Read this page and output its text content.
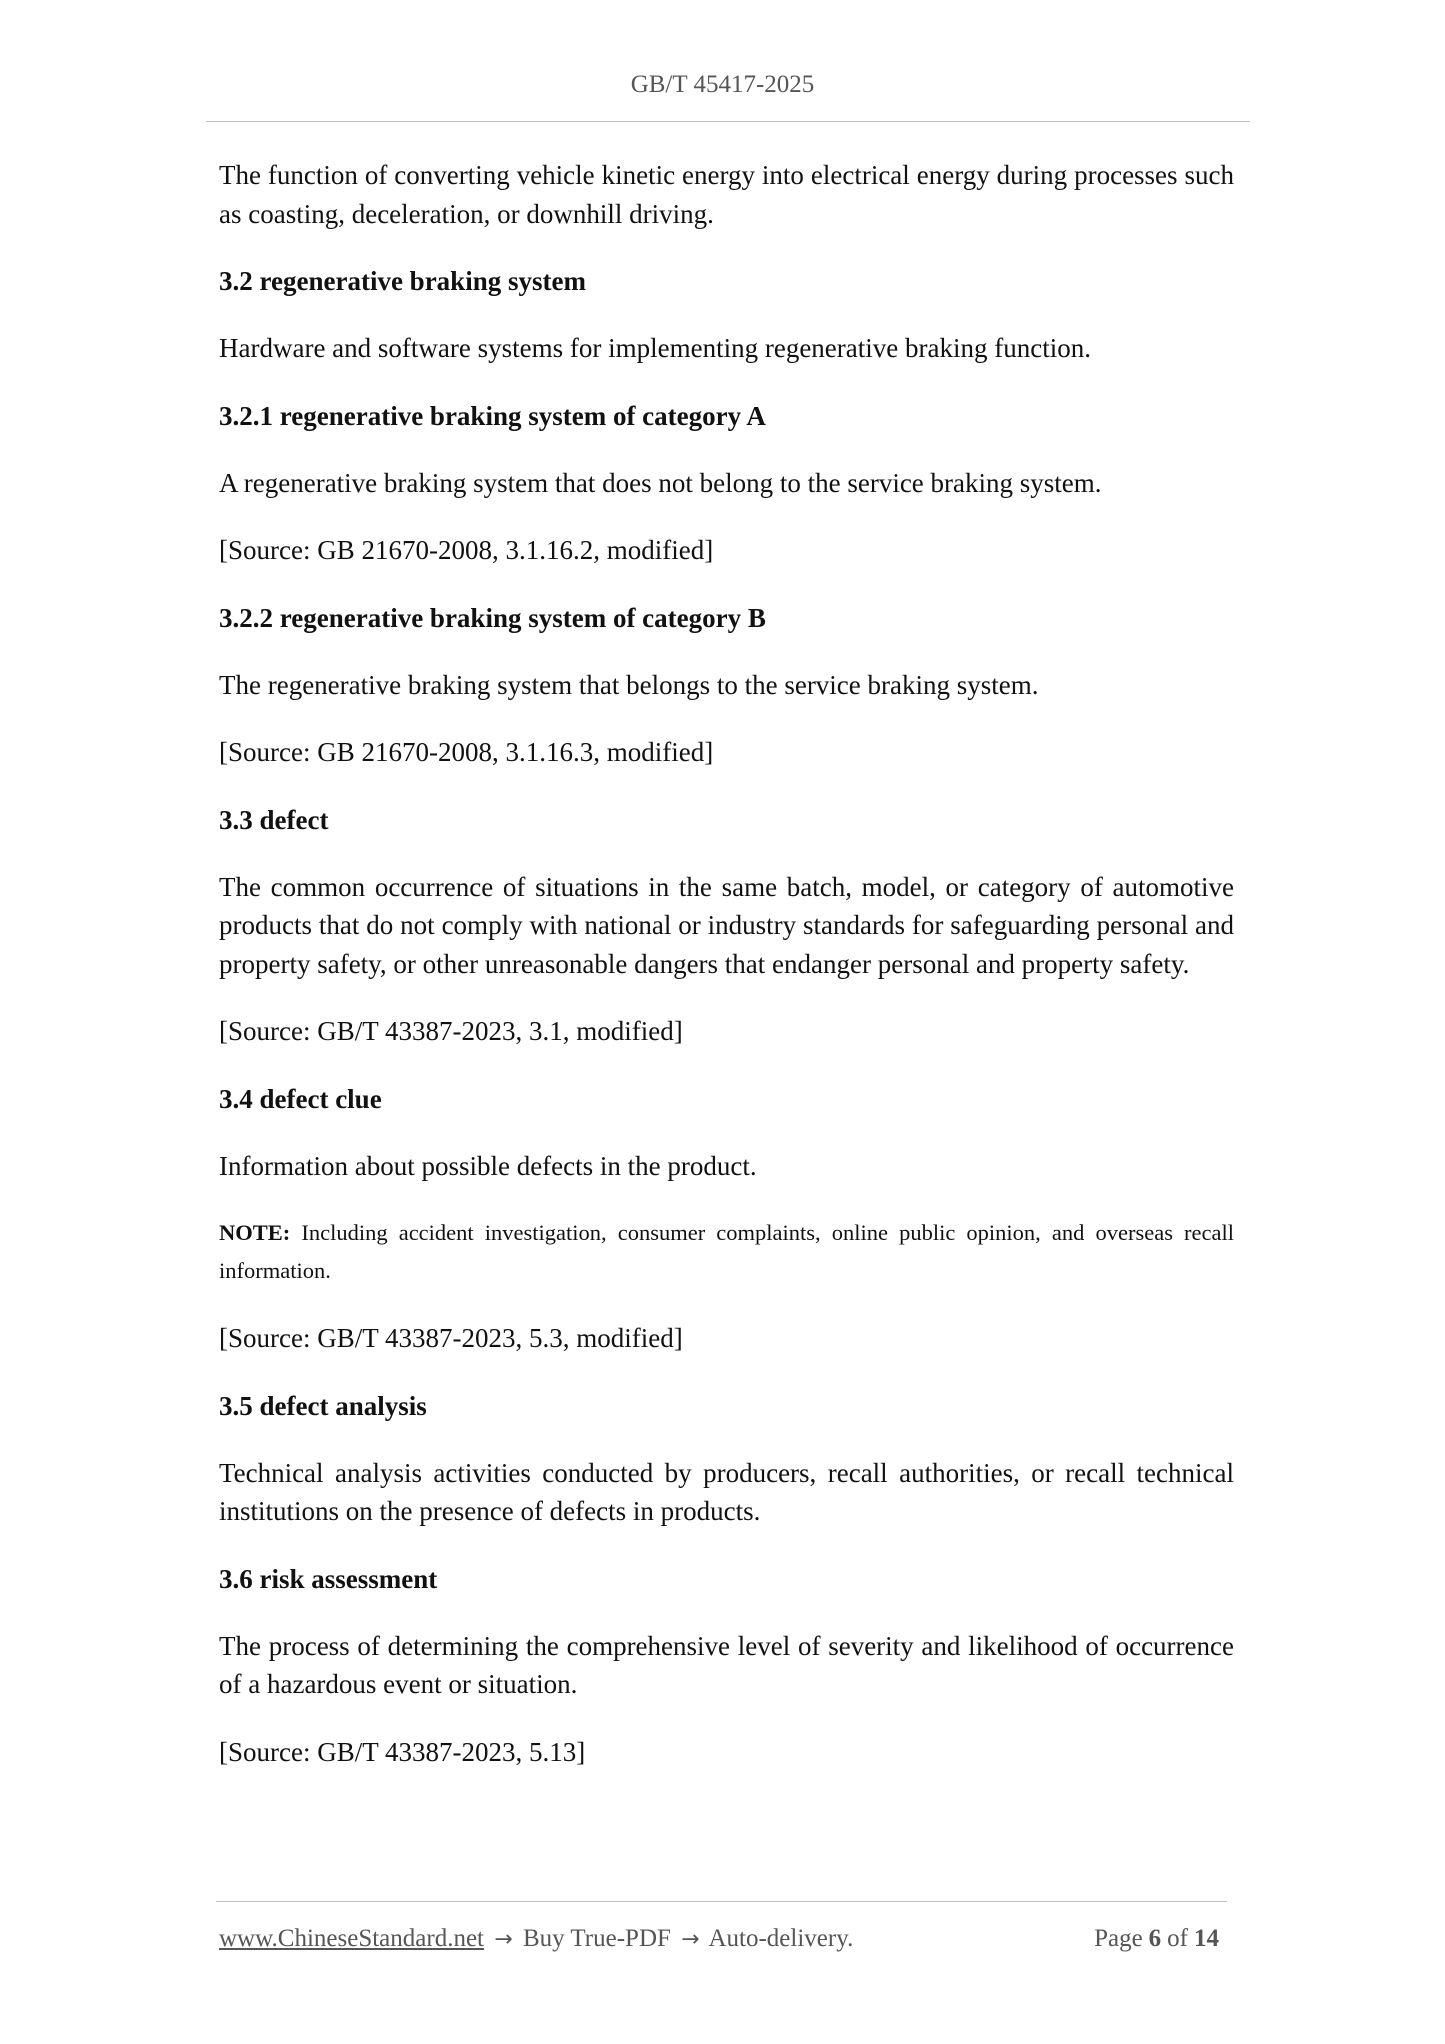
GB/T 45417-2025
The function of converting vehicle kinetic energy into electrical energy during processes such as coasting, deceleration, or downhill driving.
3.2 regenerative braking system
Hardware and software systems for implementing regenerative braking function.
3.2.1 regenerative braking system of category A
A regenerative braking system that does not belong to the service braking system.
[Source: GB 21670-2008, 3.1.16.2, modified]
3.2.2 regenerative braking system of category B
The regenerative braking system that belongs to the service braking system.
[Source: GB 21670-2008, 3.1.16.3, modified]
3.3 defect
The common occurrence of situations in the same batch, model, or category of automotive products that do not comply with national or industry standards for safeguarding personal and property safety, or other unreasonable dangers that endanger personal and property safety.
[Source: GB/T 43387-2023, 3.1, modified]
3.4 defect clue
Information about possible defects in the product.
NOTE: Including accident investigation, consumer complaints, online public opinion, and overseas recall information.
[Source: GB/T 43387-2023, 5.3, modified]
3.5 defect analysis
Technical analysis activities conducted by producers, recall authorities, or recall technical institutions on the presence of defects in products.
3.6 risk assessment
The process of determining the comprehensive level of severity and likelihood of occurrence of a hazardous event or situation.
[Source: GB/T 43387-2023, 5.13]
www.ChineseStandard.net → Buy True-PDF → Auto-delivery.	Page 6 of 14
